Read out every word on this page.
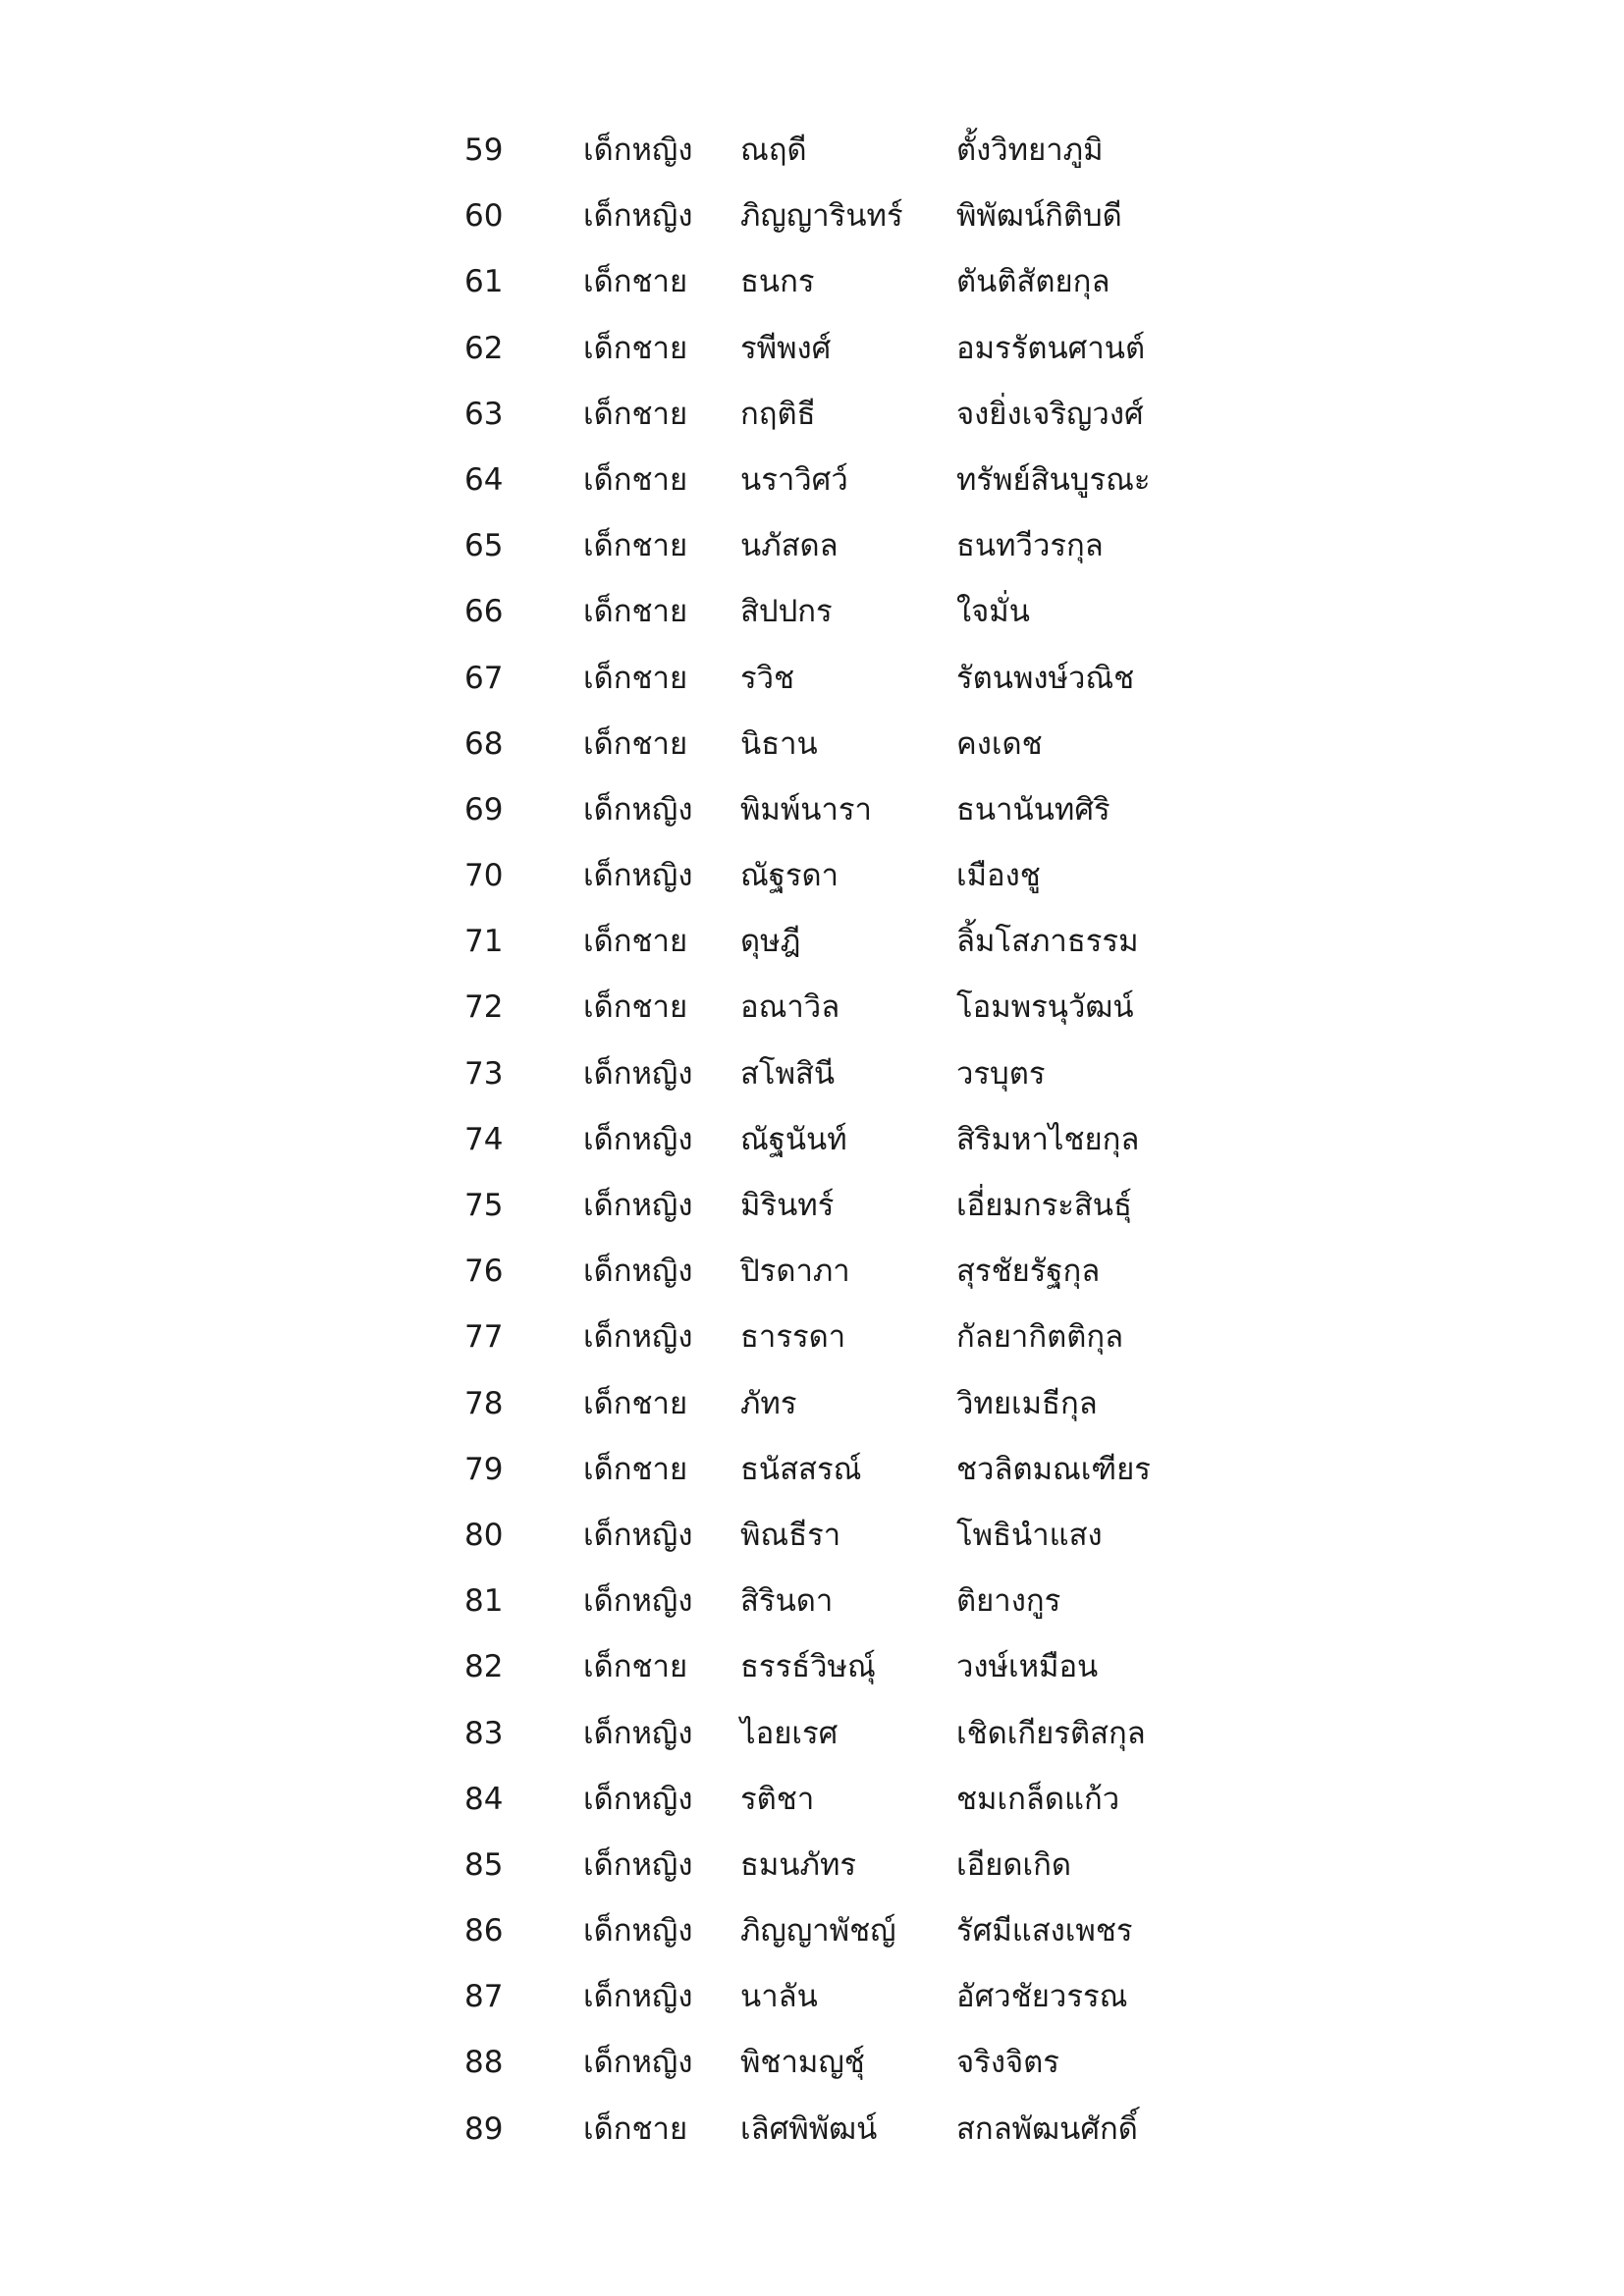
59	เด็กหญิง	ณฤดี	ตั้งวิทยาภูมิ
60	เด็กหญิง	ภิญญารินทร์	พิพัฒน์กิติบดี
61	เด็กชาย	ธนกร	ตันติสัตยกุล
62	เด็กชาย	รพีพงศ์	อมรรัตนศานต์
63	เด็กชาย	กฤติธี	จงยิ่งเจริญวงศ์
64	เด็กชาย	นราวิศว์	ทรัพย์สินบูรณะ
65	เด็กชาย	นภัสดล	ธนทวีวรกุล
66	เด็กชาย	สิปปกร	ใจมั่น
67	เด็กชาย	รวิช	รัตนพงษ์วณิช
68	เด็กชาย	นิธาน	คงเดช
69	เด็กหญิง	พิมพ์นารา	ธนานันทศิริ
70	เด็กหญิง	ณัฐรดา	เมืองชู
71	เด็กชาย	ดุษฎี	ลิ้มโสภาธรรม
72	เด็กชาย	อณาวิล	โอมพรนุวัฒน์
73	เด็กหญิง	สโพสินี	วรบุตร
74	เด็กหญิง	ณัฐนันท์	สิริมหาไชยกุล
75	เด็กหญิง	มิรินทร์	เอี่ยมกระสินธุ์
76	เด็กหญิง	ปิรดาภา	สุรชัยรัฐกุล
77	เด็กหญิง	ธารรดา	กัลยากิตติกุล
78	เด็กชาย	ภัทร	วิทยเมธีกุล
79	เด็กชาย	ธนัสสรณ์	ชวลิตมณเฑียร
80	เด็กหญิง	พิณธีรา	โพธินำแสง
81	เด็กหญิง	สิรินดา	ติยางกูร
82	เด็กชาย	ธรรธ์วิษณุ์	วงษ์เหมือน
83	เด็กหญิง	ไอยเรศ	เชิดเกียรติสกุล
84	เด็กหญิง	รติชา	ชมเกล็ดแก้ว
85	เด็กหญิง	ธมนภัทร	เอียดเกิด
86	เด็กหญิง	ภิญญาพัชญ์	รัศมีแสงเพชร
87	เด็กหญิง	นาลัน	อัศวชัยวรรณ
88	เด็กหญิง	พิชามญชุ์	จริงจิตร
89	เด็กชาย	เลิศพิพัฒน์	สกลพัฒนศักดิ์
